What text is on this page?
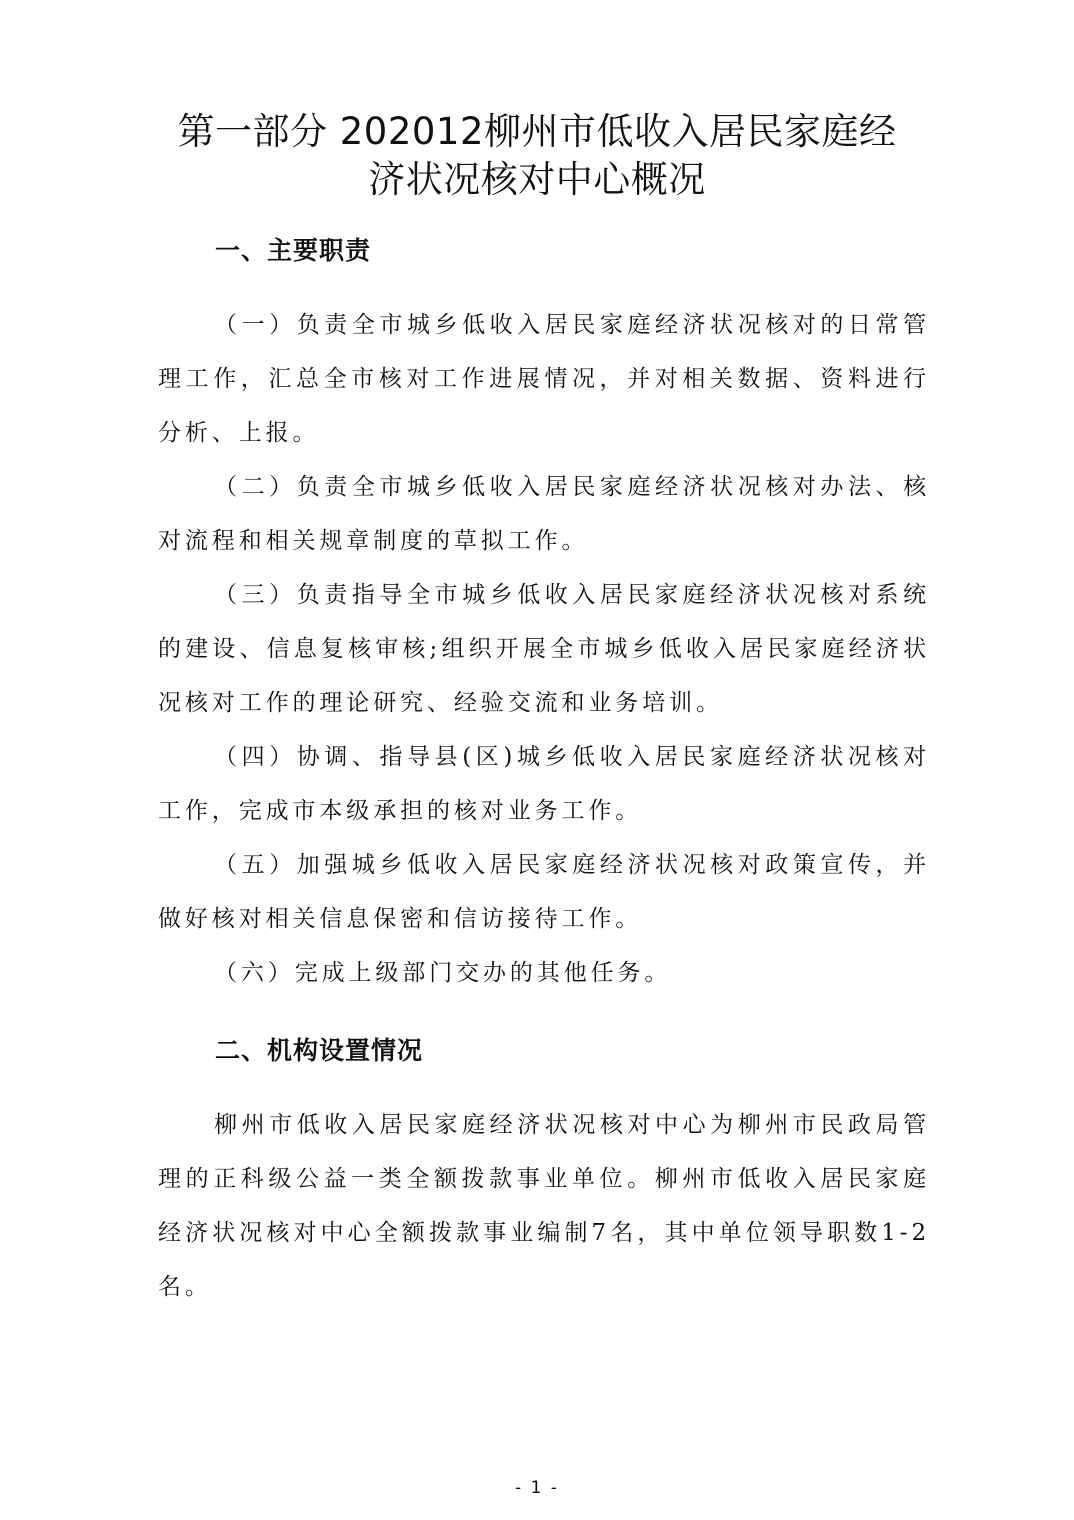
第一部分 202012柳州市低收入居民家庭经
济状况核对中心概况
一、主要职责

（一）负责全市城乡低收入居民家庭经济状况核对的日常管理工作，汇总全市核对工作进展情况，并对相关数据、资料进行分析、上报。

（二）负责全市城乡低收入居民家庭经济状况核对办法、核对流程和相关规章制度的草拟工作。

（三）负责指导全市城乡低收入居民家庭经济状况核对系统的建设、信息复核审核;组织开展全市城乡低收入居民家庭经济状况核对工作的理论研究、经验交流和业务培训。

（四）协调、指导县(区)城乡低收入居民家庭经济状况核对工作，完成市本级承担的核对业务工作。

（五）加强城乡低收入居民家庭经济状况核对政策宣传，并做好核对相关信息保密和信访接待工作。

（六）完成上级部门交办的其他任务。

二、机构设置情况

柳州市低收入居民家庭经济状况核对中心为柳州市民政局管理的正科级公益一类全额拨款事业单位。柳州市低收入居民家庭经济状况核对中心全额拨款事业编制7名，其中单位领导职数1-2名。

- 1 -
